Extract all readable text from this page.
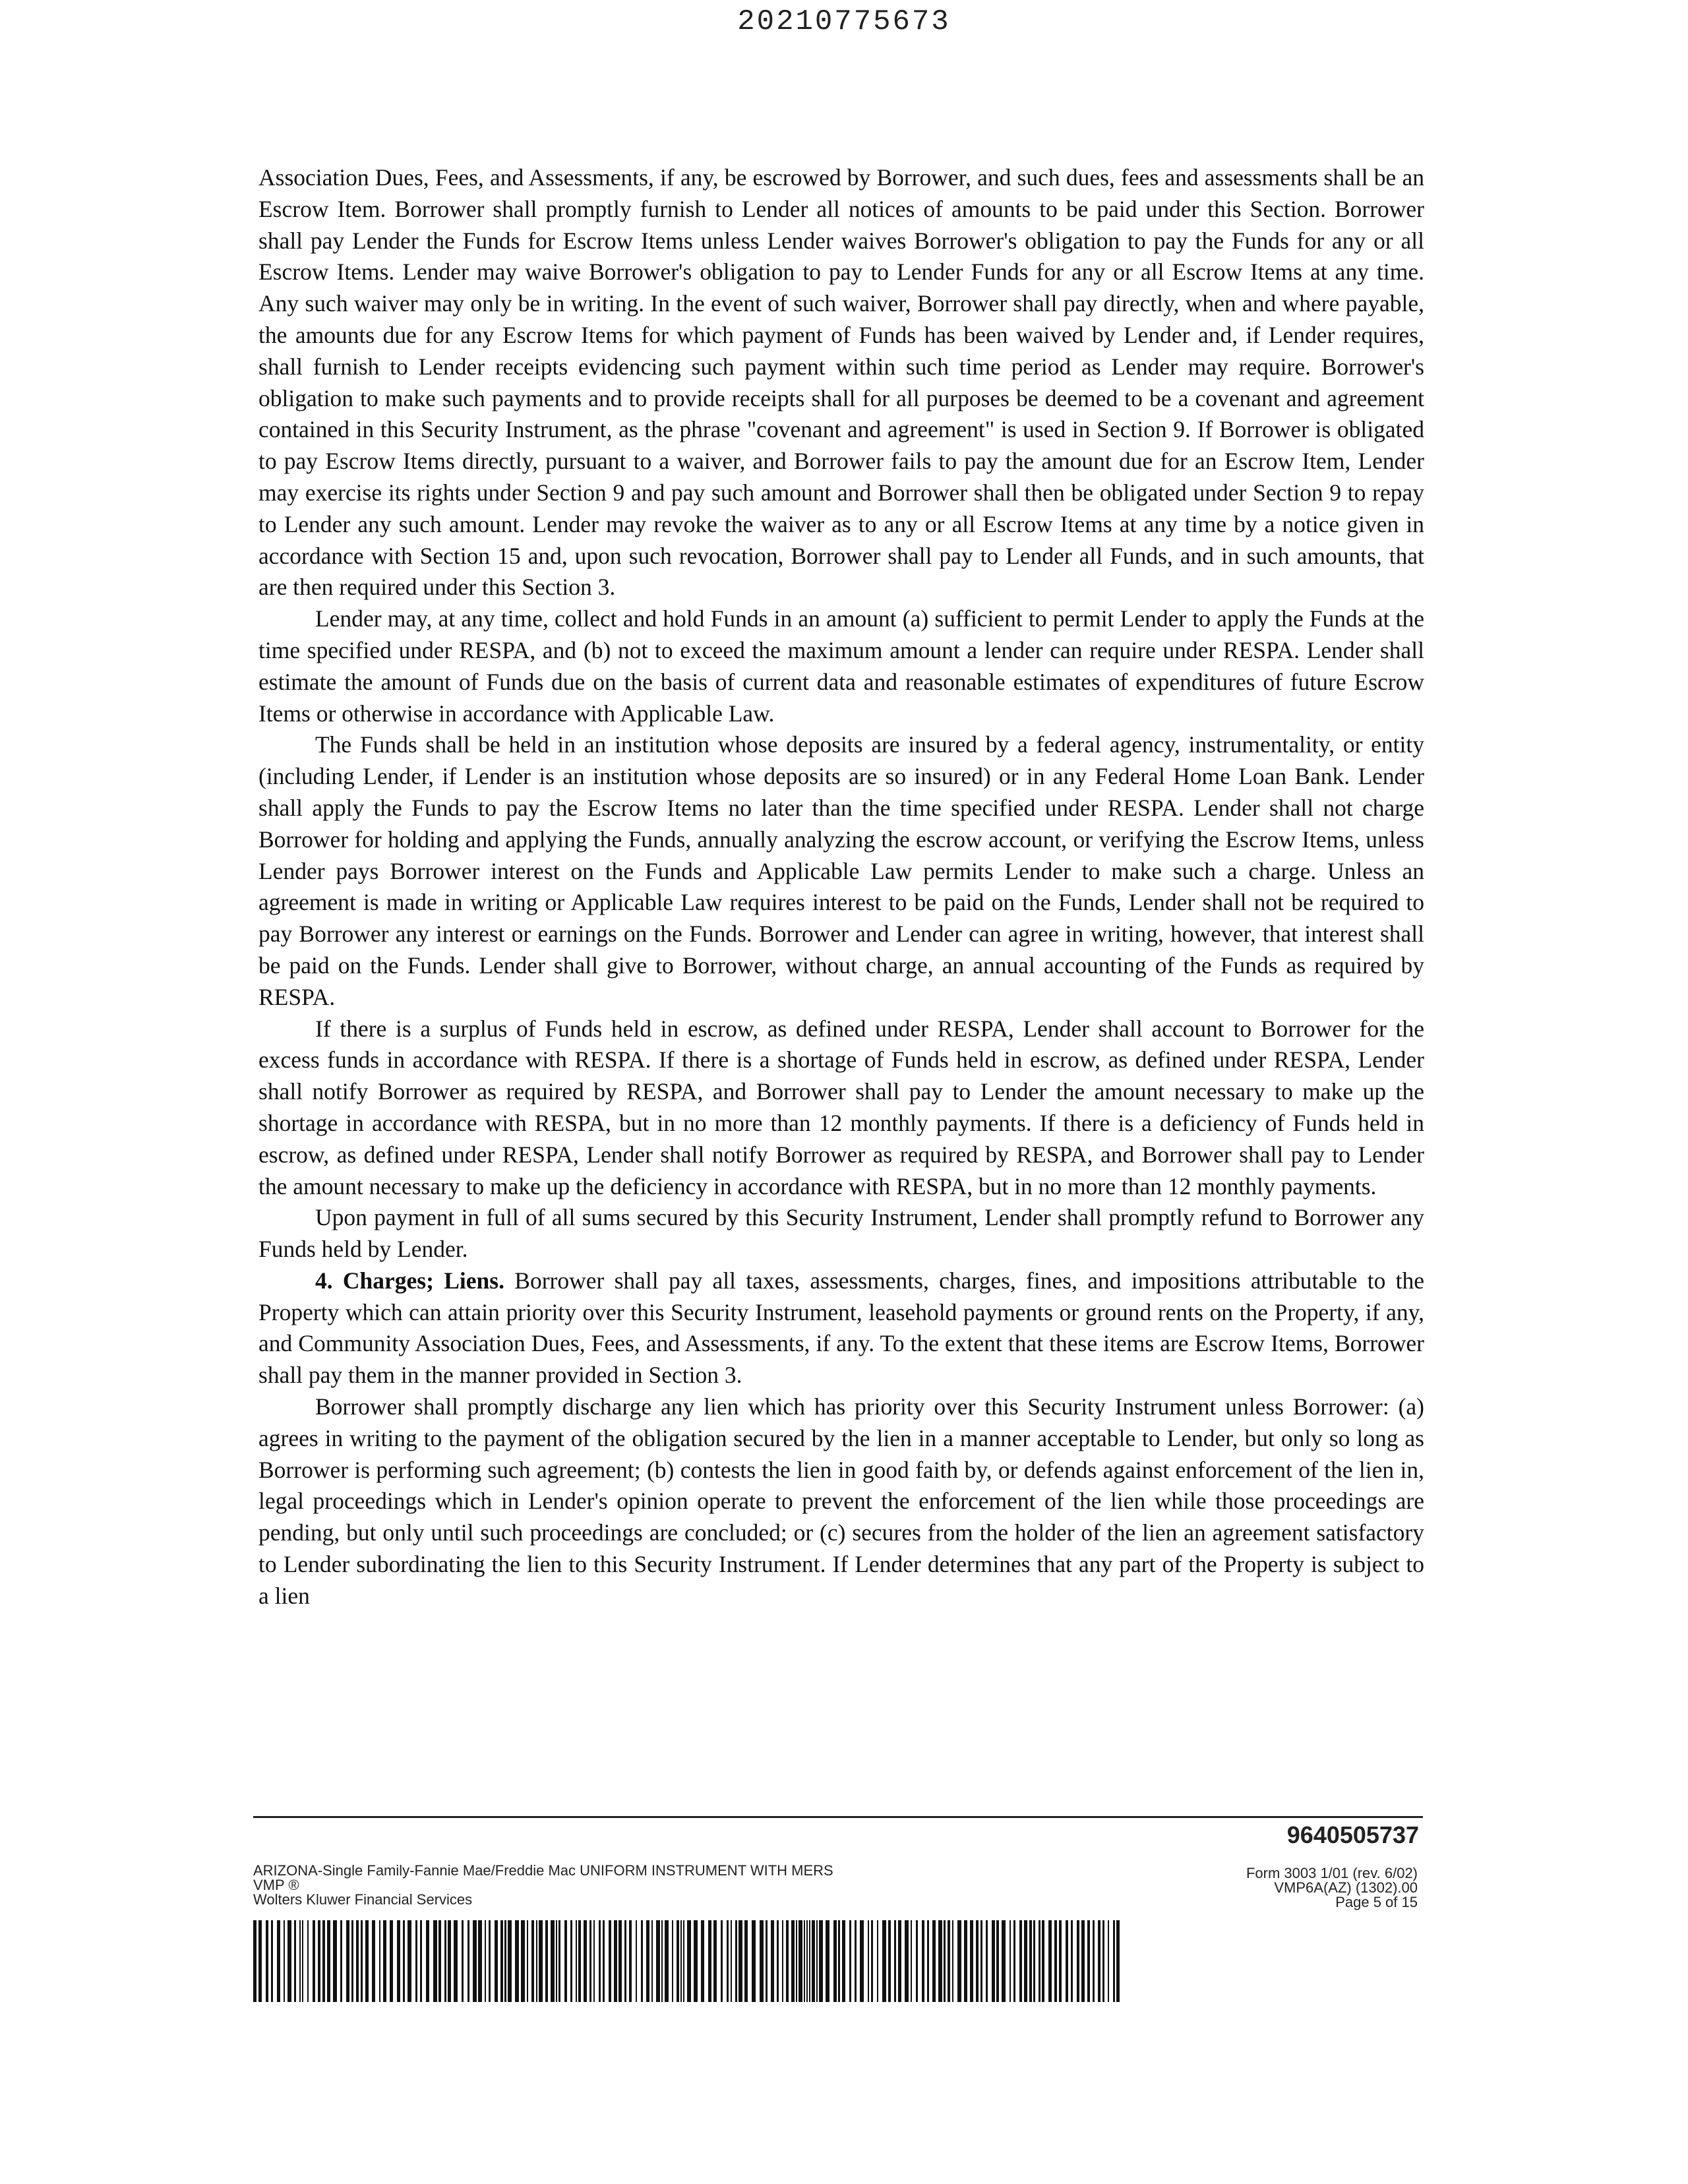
20210775673

Association Dues, Fees, and Assessments, if any, be escrowed by Borrower, and such dues, fees and assessments shall be an Escrow Item. Borrower shall promptly furnish to Lender all notices of amounts to be paid under this Section. Borrower shall pay Lender the Funds for Escrow Items unless Lender waives Borrower's obligation to pay the Funds for any or all Escrow Items. Lender may waive Borrower's obligation to pay to Lender Funds for any or all Escrow Items at any time. Any such waiver may only be in writing. In the event of such waiver, Borrower shall pay directly, when and where payable, the amounts due for any Escrow Items for which payment of Funds has been waived by Lender and, if Lender requires, shall furnish to Lender receipts evidencing such payment within such time period as Lender may require. Borrower's obligation to make such payments and to provide receipts shall for all purposes be deemed to be a covenant and agreement contained in this Security Instrument, as the phrase "covenant and agreement" is used in Section 9. If Borrower is obligated to pay Escrow Items directly, pursuant to a waiver, and Borrower fails to pay the amount due for an Escrow Item, Lender may exercise its rights under Section 9 and pay such amount and Borrower shall then be obligated under Section 9 to repay to Lender any such amount. Lender may revoke the waiver as to any or all Escrow Items at any time by a notice given in accordance with Section 15 and, upon such revocation, Borrower shall pay to Lender all Funds, and in such amounts, that are then required under this Section 3.

Lender may, at any time, collect and hold Funds in an amount (a) sufficient to permit Lender to apply the Funds at the time specified under RESPA, and (b) not to exceed the maximum amount a lender can require under RESPA. Lender shall estimate the amount of Funds due on the basis of current data and reasonable estimates of expenditures of future Escrow Items or otherwise in accordance with Applicable Law.

The Funds shall be held in an institution whose deposits are insured by a federal agency, instrumentality, or entity (including Lender, if Lender is an institution whose deposits are so insured) or in any Federal Home Loan Bank. Lender shall apply the Funds to pay the Escrow Items no later than the time specified under RESPA. Lender shall not charge Borrower for holding and applying the Funds, annually analyzing the escrow account, or verifying the Escrow Items, unless Lender pays Borrower interest on the Funds and Applicable Law permits Lender to make such a charge. Unless an agreement is made in writing or Applicable Law requires interest to be paid on the Funds, Lender shall not be required to pay Borrower any interest or earnings on the Funds. Borrower and Lender can agree in writing, however, that interest shall be paid on the Funds. Lender shall give to Borrower, without charge, an annual accounting of the Funds as required by RESPA.

If there is a surplus of Funds held in escrow, as defined under RESPA, Lender shall account to Borrower for the excess funds in accordance with RESPA. If there is a shortage of Funds held in escrow, as defined under RESPA, Lender shall notify Borrower as required by RESPA, and Borrower shall pay to Lender the amount necessary to make up the shortage in accordance with RESPA, but in no more than 12 monthly payments. If there is a deficiency of Funds held in escrow, as defined under RESPA, Lender shall notify Borrower as required by RESPA, and Borrower shall pay to Lender the amount necessary to make up the deficiency in accordance with RESPA, but in no more than 12 monthly payments.

Upon payment in full of all sums secured by this Security Instrument, Lender shall promptly refund to Borrower any Funds held by Lender.

4. Charges; Liens. Borrower shall pay all taxes, assessments, charges, fines, and impositions attributable to the Property which can attain priority over this Security Instrument, leasehold payments or ground rents on the Property, if any, and Community Association Dues, Fees, and Assessments, if any. To the extent that these items are Escrow Items, Borrower shall pay them in the manner provided in Section 3.

Borrower shall promptly discharge any lien which has priority over this Security Instrument unless Borrower: (a) agrees in writing to the payment of the obligation secured by the lien in a manner acceptable to Lender, but only so long as Borrower is performing such agreement; (b) contests the lien in good faith by, or defends against enforcement of the lien in, legal proceedings which in Lender's opinion operate to prevent the enforcement of the lien while those proceedings are pending, but only until such proceedings are concluded; or (c) secures from the holder of the lien an agreement satisfactory to Lender subordinating the lien to this Security Instrument. If Lender determines that any part of the Property is subject to a lien

9640505737
ARIZONA-Single Family-Fannie Mae/Freddie Mac UNIFORM INSTRUMENT WITH MERS
VMP ®
Wolters Kluwer Financial Services
Form 3003 1/01 (rev. 6/02)
VMP6A(AZ) (1302).00
Page 5 of 15
